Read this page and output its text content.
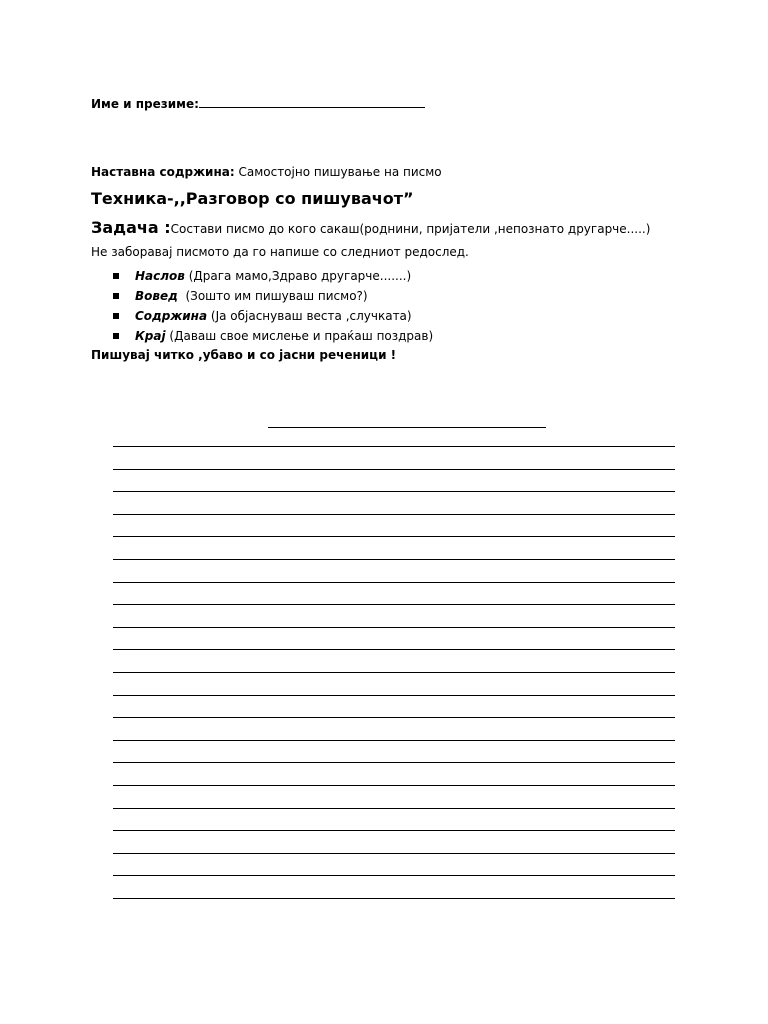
Име и презиме:
Наставна содржина: Самостојно пишување на писмо
Техника-,,Разговор со пишувачот”
Задача :Состави писмо до кого сакаш(роднини, пријатели ,непознато другарче.....)
Не заборавај писмото да го напише со следниот редослед.
Наслов (Драга мамо,Здраво другарче.......)
Вовед  (Зошто им пишуваш писмо?)
Содржина (Ја објаснуваш веста ,случката)
Крај (Даваш свое мислење и праќаш поздрав)
Пишувај читко ,убаво и со јасни реченици !
